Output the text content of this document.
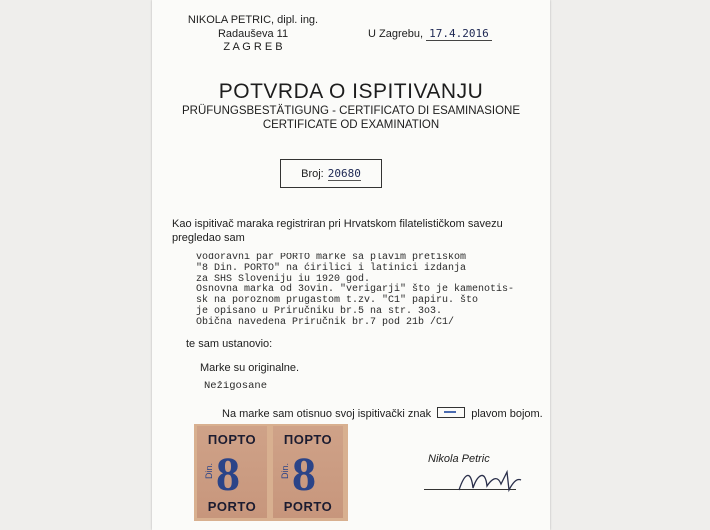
NIKOLA PETRIC, dipl. ing.
Radauševa 11
Z A G R E B
U Zagrebu, 17.4.2016
POTVRDA O ISPITIVANJU
PRÜFUNGSBESTÄTIGUNG - CERTIFICATO DI ESAMINASIONE
CERTIFICATE OD EXAMINATION
Broj: 20680
Kao ispitivač maraka registriran pri Hrvatskom filatelističkom savezu
pregledao sam
vodoravni par PORTO marke sa plavim pretiskom
"8 Din. PORTO" na ćirilici i latinici izdanja
za SHS Sloveniju iu 1920 god.
Osnovna marka od 3ovin. "verigarji" što je kamenotis-
sk na poroznom prugastom t.zv. "C1" papiru. što
je opisano u Priručniku br.5 na str. 3o3.
Obična navedena Priručnik br.7 pod 21b /C1/
te sam ustanovio:
Marke su originalne.
Nežigosane
Na marke sam otisnuo svoj ispitivački znak	plavom bojom.
ПОРТО
Din. 8
PORTO
ПОРТО
Din. 8
PORTO
Nikola Petric
